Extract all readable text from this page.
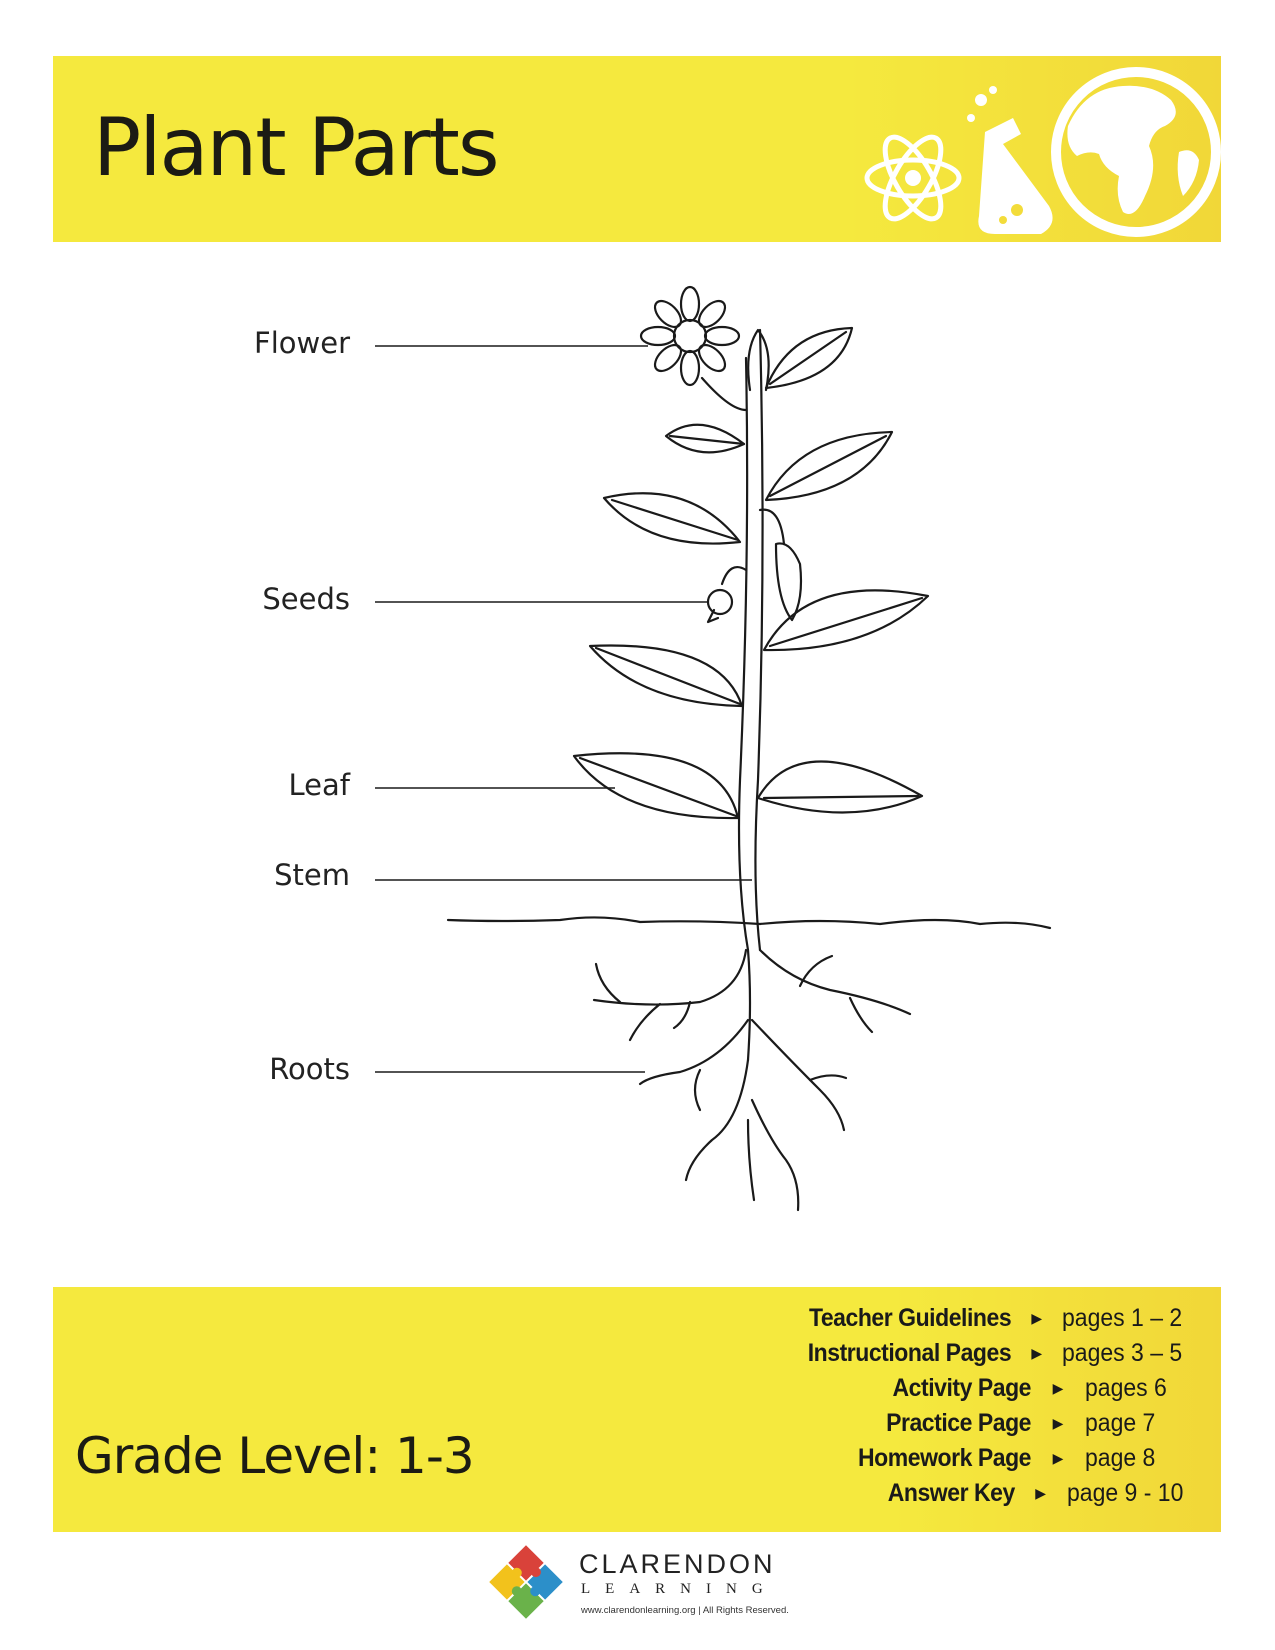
Plant Parts
Flower
Seeds
Leaf
Stem
Roots
Grade Level: 1-3
Teacher Guidelines	▶ pages 1 – 2
Instructional Pages	▶ pages 3 – 5
Activity Page	▶ pages 6
Practice Page	▶ page 7
Homework Page	▶ page 8
Answer Key	▶ page 9 - 10
CLARENDON
LEARNING
www.clarendonlearning.org | All Rights Reserved.
